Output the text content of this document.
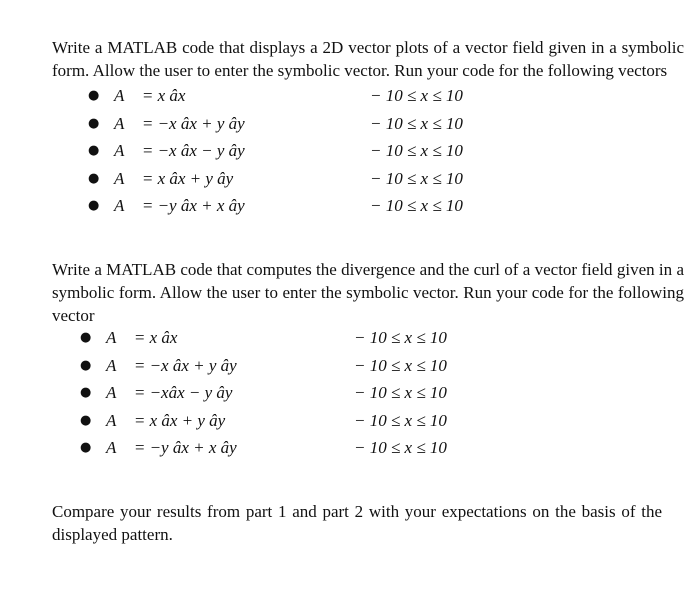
Write a MATLAB code that displays a 2D vector plots of a vector field given in a symbolic form. Allow the user to enter the symbolic vector. Run your code for the following vectors
● A⃗ = x âx	− 10 ≤ x ≤ 10
● A⃗ = −x âx + y ây	− 10 ≤ x ≤ 10
● A⃗ = −x âx − y ây	− 10 ≤ x ≤ 10
● A⃗ = x âx + y ây	− 10 ≤ x ≤ 10
● A⃗ = −y âx + x ây	− 10 ≤ x ≤ 10
Write a MATLAB code that computes the divergence and the curl of a vector field given in a symbolic form. Allow the user to enter the symbolic vector. Run your code for the following vector
● A⃗ = x âx	− 10 ≤ x ≤ 10
● A⃗ = −x âx + y ây	− 10 ≤ x ≤ 10
● A⃗ = −xâx − y ây	− 10 ≤ x ≤ 10
● A⃗ = x âx + y ây	− 10 ≤ x ≤ 10
● A⃗ = −y âx + x ây	− 10 ≤ x ≤ 10
Compare your results from part 1 and part 2 with your expectations on the basis of the displayed pattern.
